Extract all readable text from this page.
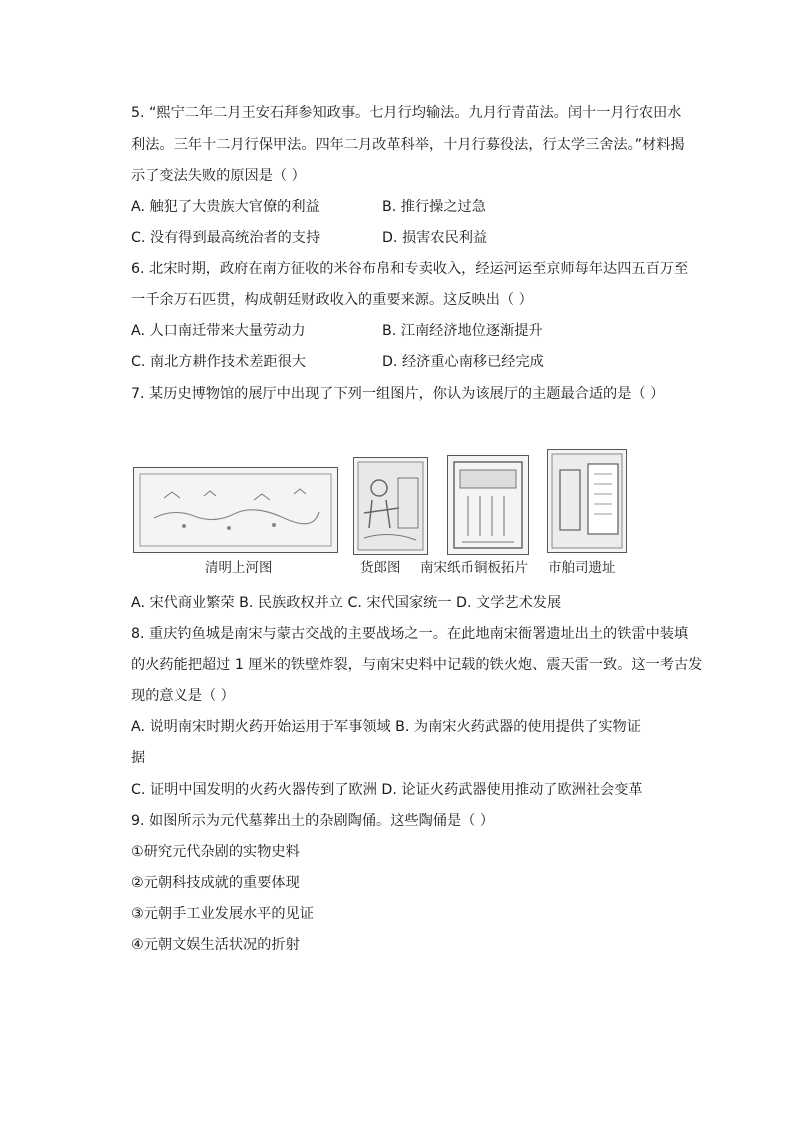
5. “熙宁二年二月王安石拜参知政事。七月行均输法。九月行青苗法。闰十一月行农田水
利法。三年十二月行保甲法。四年二月改革科举，十月行募役法，行太学三舍法。”材料揭
示了变法失败的原因是（ ）
A. 触犯了大贵族大官僚的利益	B. 推行操之过急
C. 没有得到最高统治者的支持	D. 损害农民利益
6. 北宋时期，政府在南方征收的米谷布帛和专卖收入，经运河运至京师每年达四五百万至
一千余万石匹贯，构成朝廷财政收入的重要来源。这反映出（ ）
A. 人口南迁带来大量劳动力	B. 江南经济地位逐渐提升
C. 南北方耕作技术差距很大	D. 经济重心南移已经完成
7. 某历史博物馆的展厅中出现了下列一组图片，你认为该展厅的主题最合适的是（ ）
清明上河图	货郎图 南宋纸币铜板拓片 市舶司遗址
A. 宋代商业繁荣 B. 民族政权并立 C. 宋代国家统一 D. 文学艺术发展
8. 重庆钓鱼城是南宋与蒙古交战的主要战场之一。在此地南宋衙署遗址出土的铁雷中装填
的火药能把超过 1 厘米的铁壁炸裂，与南宋史料中记载的铁火炮、震天雷一致。这一考古发
现的意义是（ ）
A. 说明南宋时期火药开始运用于军事领域 B. 为南宋火药武器的使用提供了实物证
据
C. 证明中国发明的火药火器传到了欧洲 D. 论证火药武器使用推动了欧洲社会变革
9. 如图所示为元代墓葬出土的杂剧陶俑。这些陶俑是（ ）
①研究元代杂剧的实物史料
②元朝科技成就的重要体现
③元朝手工业发展水平的见证
④元朝文娱生活状况的折射
